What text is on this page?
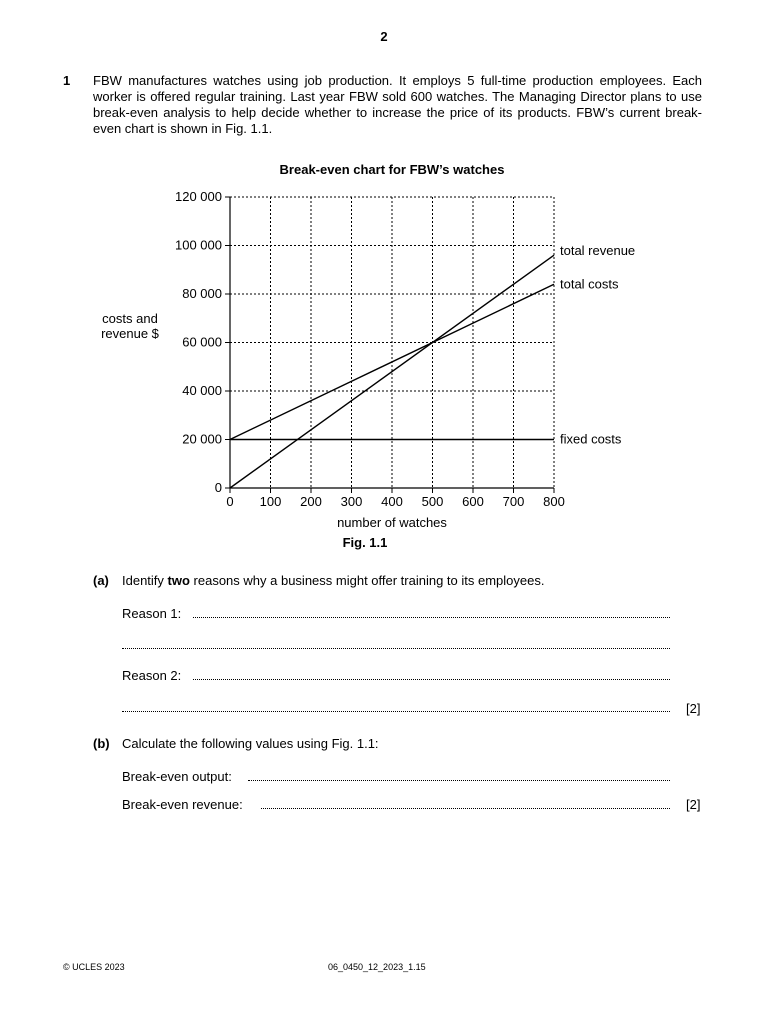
2
1 FBW manufactures watches using job production. It employs 5 full-time production employees. Each worker is offered regular training. Last year FBW sold 600 watches. The Managing Director plans to use break-even analysis to help decide whether to increase the price of its products. FBW’s current break-even chart is shown in Fig. 1.1.
Break-even chart for FBW’s watches
0 100 200 300 400 500 600 700 800
0
20 000
40 000
60 000
80 000
100 000
120 000
total revenue
total costs
fixed costs
costs and
revenue $
number of watches
Fig. 1.1
(a) Identify two reasons why a business might offer training to its employees.
Reason 1:
Reason 2:
[2]
(b) Calculate the following values using Fig. 1.1:
Break-even output:
Break-even revenue:	[2]
© UCLES 2023	06_0450_12_2023_1.15
